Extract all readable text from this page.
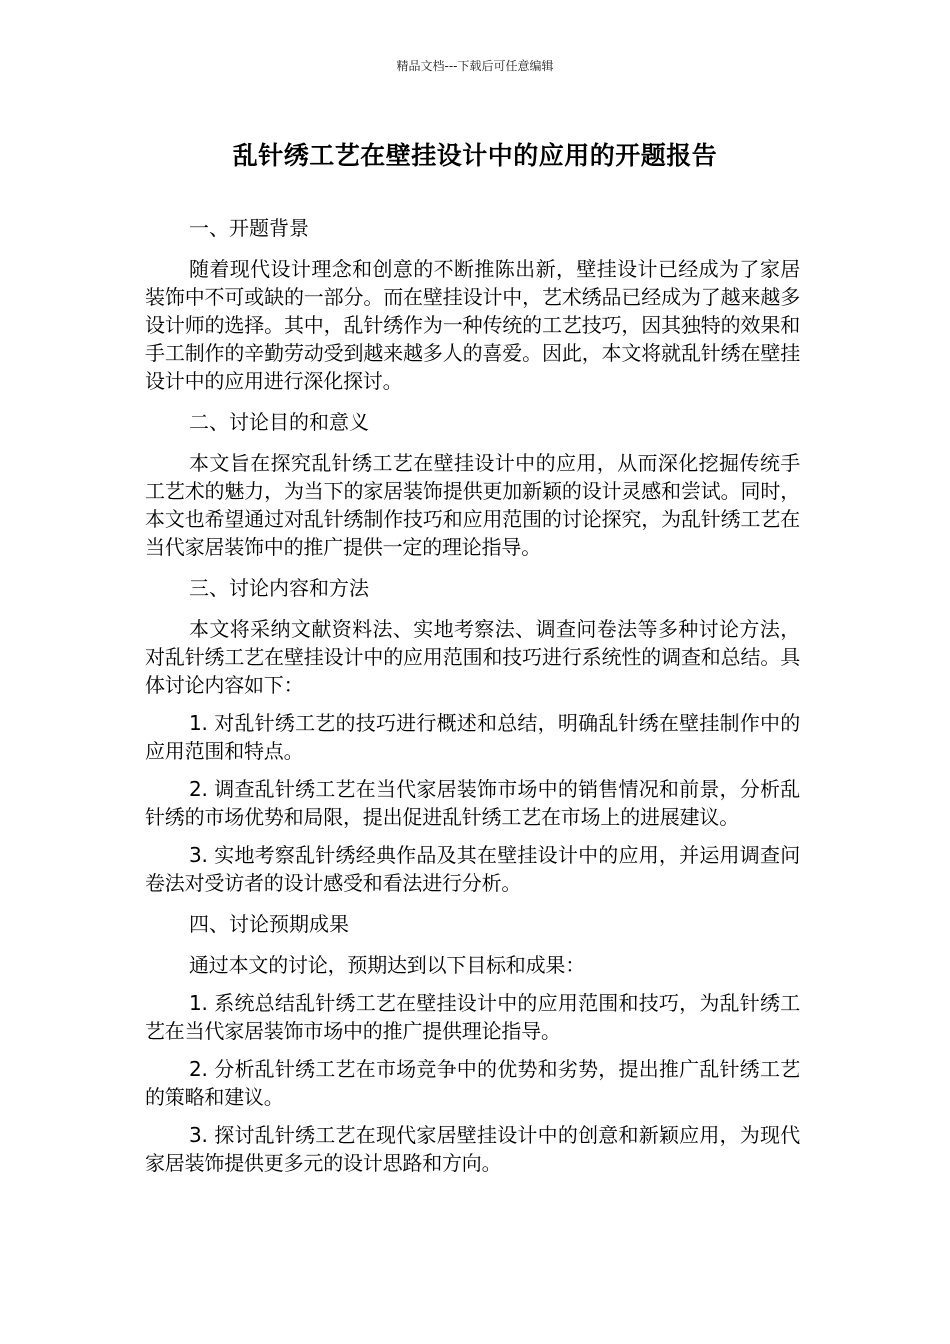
精品文档---下载后可任意编辑
乱针绣工艺在壁挂设计中的应用的开题报告

一、开题背景

随着现代设计理念和创意的不断推陈出新，壁挂设计已经成为了家居装饰中不可或缺的一部分。而在壁挂设计中，艺术绣品已经成为了越来越多设计师的选择。其中，乱针绣作为一种传统的工艺技巧，因其独特的效果和手工制作的辛勤劳动受到越来越多人的喜爱。因此，本文将就乱针绣在壁挂设计中的应用进行深化探讨。

二、讨论目的和意义

本文旨在探究乱针绣工艺在壁挂设计中的应用，从而深化挖掘传统手工艺术的魅力，为当下的家居装饰提供更加新颖的设计灵感和尝试。同时，本文也希望通过对乱针绣制作技巧和应用范围的讨论探究，为乱针绣工艺在当代家居装饰中的推广提供一定的理论指导。

三、讨论内容和方法

本文将采纳文献资料法、实地考察法、调查问卷法等多种讨论方法，对乱针绣工艺在壁挂设计中的应用范围和技巧进行系统性的调查和总结。具体讨论内容如下：

1. 对乱针绣工艺的技巧进行概述和总结，明确乱针绣在壁挂制作中的应用范围和特点。

2. 调查乱针绣工艺在当代家居装饰市场中的销售情况和前景，分析乱针绣的市场优势和局限，提出促进乱针绣工艺在市场上的进展建议。

3. 实地考察乱针绣经典作品及其在壁挂设计中的应用，并运用调查问卷法对受访者的设计感受和看法进行分析。

四、讨论预期成果

通过本文的讨论，预期达到以下目标和成果：

1. 系统总结乱针绣工艺在壁挂设计中的应用范围和技巧，为乱针绣工艺在当代家居装饰市场中的推广提供理论指导。

2. 分析乱针绣工艺在市场竞争中的优势和劣势，提出推广乱针绣工艺的策略和建议。

3. 探讨乱针绣工艺在现代家居壁挂设计中的创意和新颖应用，为现代家居装饰提供更多元的设计思路和方向。
